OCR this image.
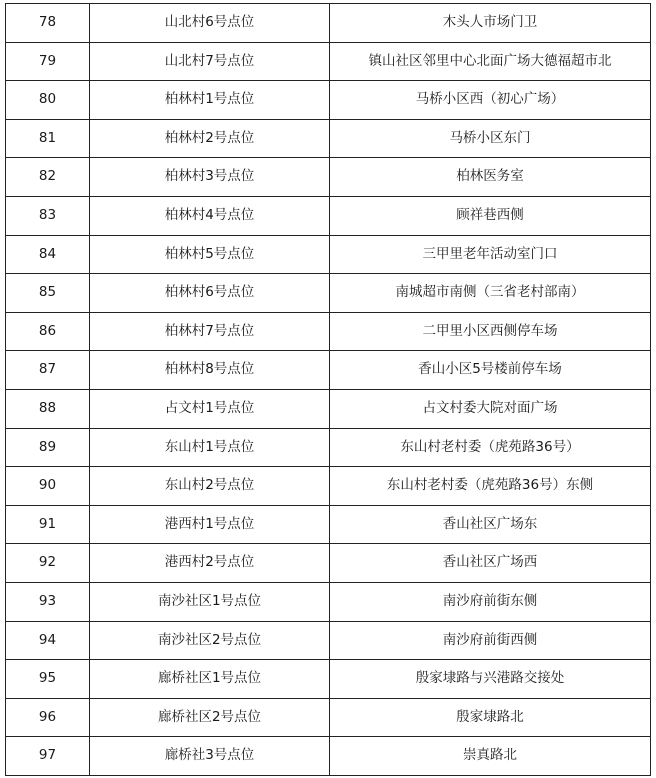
78	山北村6号点位	木头人市场门卫
79	山北村7号点位	镇山社区邻里中心北面广场大德福超市北
80	柏林村1号点位	马桥小区西（初心广场）
81	柏林村2号点位	马桥小区东门
82	柏林村3号点位	柏林医务室
83	柏林村4号点位	顾祥巷西侧
84	柏林村5号点位	三甲里老年活动室门口
85	柏林村6号点位	南城超市南侧（三省老村部南）
86	柏林村7号点位	二甲里小区西侧停车场
87	柏林村8号点位	香山小区5号楼前停车场
88	占文村1号点位	占文村委大院对面广场
89	东山村1号点位	东山村老村委（虎苑路36号）
90	东山村2号点位	东山村老村委（虎苑路36号）东侧
91	港西村1号点位	香山社区广场东
92	港西村2号点位	香山社区广场西
93	南沙社区1号点位	南沙府前街东侧
94	南沙社区2号点位	南沙府前街西侧
95	廊桥社区1号点位	殷家埭路与兴港路交接处
96	廊桥社区2号点位	殷家埭路北
97	廊桥社3号点位	崇真路北
